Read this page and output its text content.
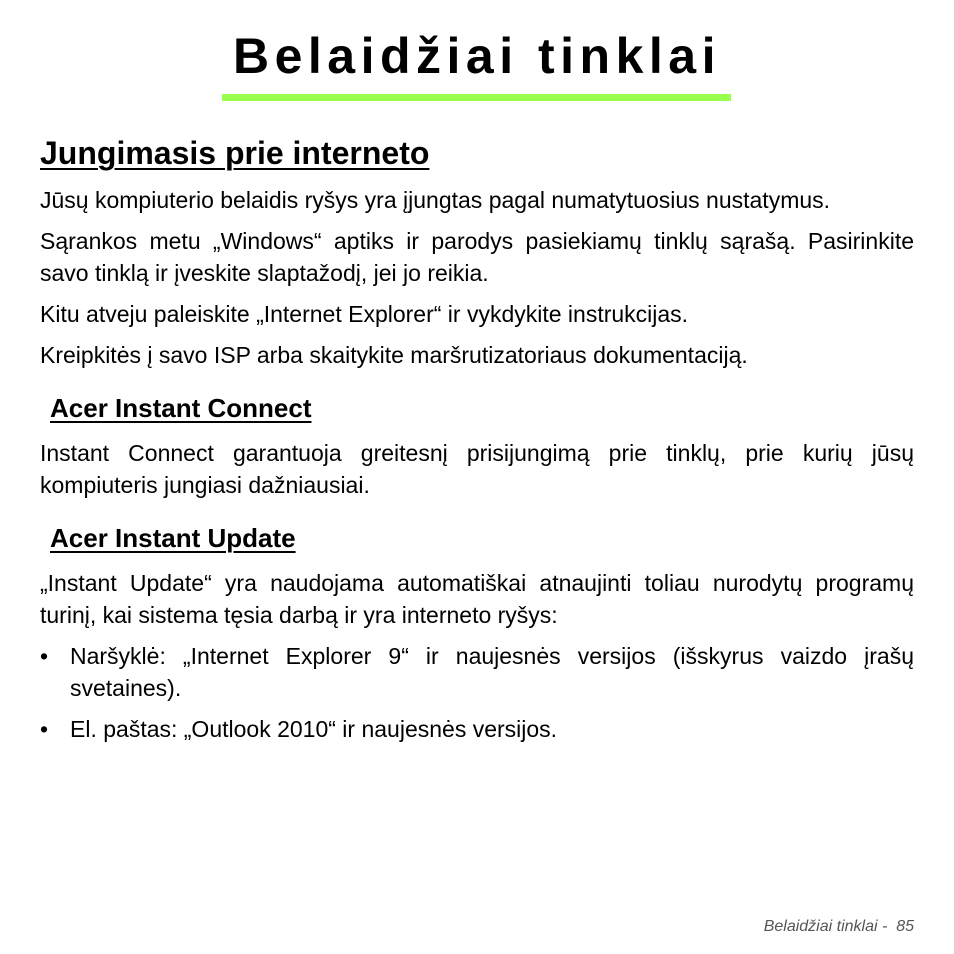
Belaidžiai tinklai
Jungimasis prie interneto

Jūsų kompiuterio belaidis ryšys yra įjungtas pagal numatytuosius nustatymus.

Sąrankos metu „Windows“ aptiks ir parodys pasiekiamų tinklų sąrašą. Pasirinkite savo tinklą ir įveskite slaptažodį, jei jo reikia.

Kitu atveju paleiskite „Internet Explorer“ ir vykdykite instrukcijas.

Kreipkitės į savo ISP arba skaitykite maršrutizatoriaus dokumentaciją.

Acer Instant Connect

Instant Connect garantuoja greitesnį prisijungimą prie tinklų, prie kurių jūsų kompiuteris jungiasi dažniausiai.

Acer Instant Update

„Instant Update“ yra naudojama automatiškai atnaujinti toliau nurodytų programų turinį, kai sistema tęsia darbą ir yra interneto ryšys:

• Naršyklė: „Internet Explorer 9“ ir naujesnės versijos (išskyrus vaizdo įrašų svetaines).
• El. paštas: „Outlook 2010“ ir naujesnės versijos.
Belaidžiai tinklai - 85
